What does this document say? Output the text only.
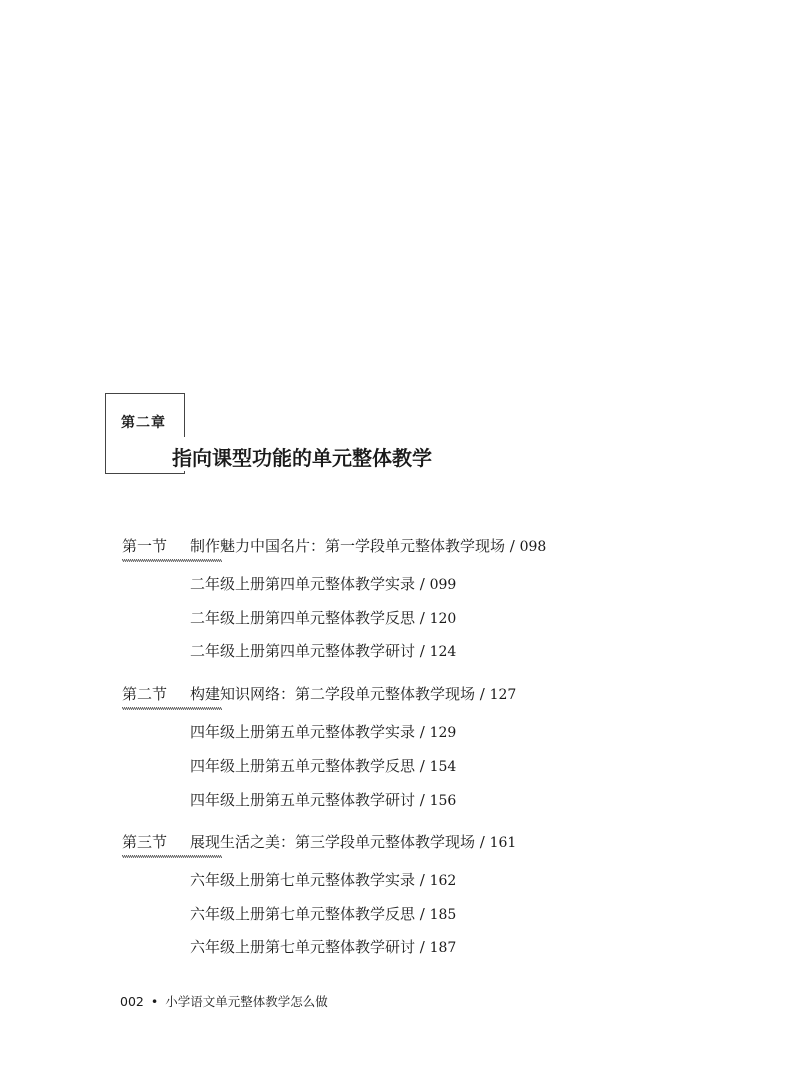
第二章
指向课型功能的单元整体教学
第一节 制作魅力中国名片：第一学段单元整体教学现场 / 098
二年级上册第四单元整体教学实录 / 099
二年级上册第四单元整体教学反思 / 120
二年级上册第四单元整体教学研讨 / 124
第二节 构建知识网络：第二学段单元整体教学现场 / 127
四年级上册第五单元整体教学实录 / 129
四年级上册第五单元整体教学反思 / 154
四年级上册第五单元整体教学研讨 / 156
第三节 展现生活之美：第三学段单元整体教学现场 / 161
六年级上册第七单元整体教学实录 / 162
六年级上册第七单元整体教学反思 / 185
六年级上册第七单元整体教学研讨 / 187
002 • 小学语文单元整体教学怎么做
